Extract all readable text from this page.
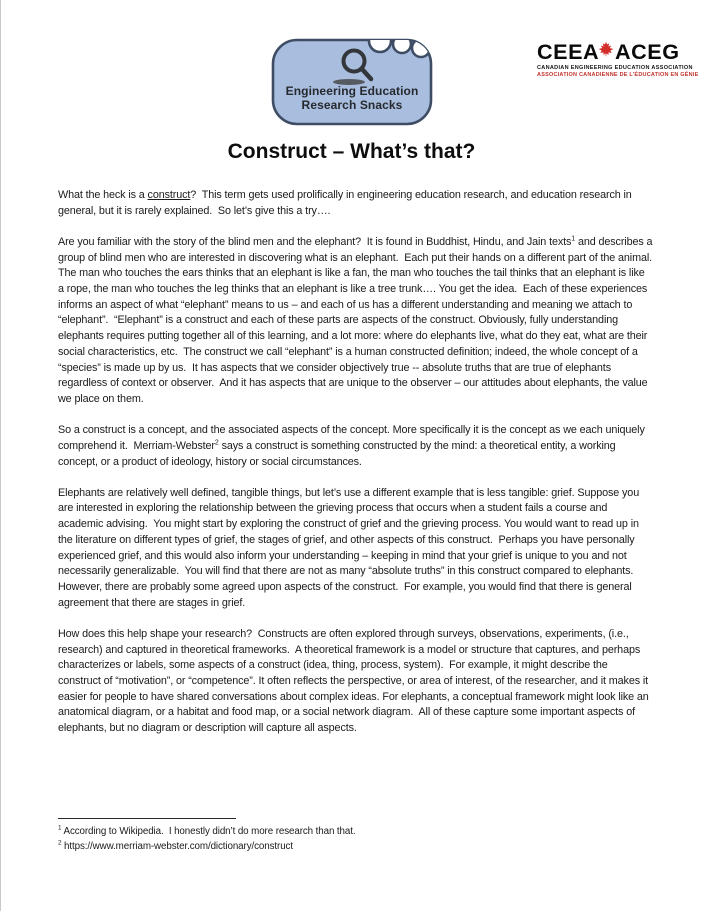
Engineering Education
Research Snacks
CEEA ACEG
CANADIAN ENGINEERING EDUCATION ASSOCIATION
ASSOCIATION CANADIENNE DE L’ÉDUCATION EN GÉNIE
Construct – What’s that?

What the heck is a construct?  This term gets used prolifically in engineering education research, and education research in general, but it is rarely explained.  So let’s give this a try….

Are you familiar with the story of the blind men and the elephant?  It is found in Buddhist, Hindu, and Jain texts$^1$ and describes a group of blind men who are interested in discovering what is an elephant.  Each put their hands on a different part of the animal.  The man who touches the ears thinks that an elephant is like a fan, the man who touches the tail thinks that an elephant is like a rope, the man who touches the leg thinks that an elephant is like a tree trunk…. You get the idea.  Each of these experiences informs an aspect of what “elephant” means to us – and each of us has a different understanding and meaning we attach to “elephant”.  “Elephant” is a construct and each of these parts are aspects of the construct. Obviously, fully understanding elephants requires putting together all of this learning, and a lot more: where do elephants live, what do they eat, what are their social characteristics, etc.  The construct we call “elephant” is a human constructed definition; indeed, the whole concept of a “species” is made up by us.  It has aspects that we consider objectively true -- absolute truths that are true of elephants regardless of context or observer.  And it has aspects that are unique to the observer – our attitudes about elephants, the value we place on them.

So a construct is a concept, and the associated aspects of the concept. More specifically it is the concept as we each uniquely comprehend it.  Merriam-Webster$^2$ says a construct is something constructed by the mind: a theoretical entity, a working concept, or a product of ideology, history or social circumstances.

Elephants are relatively well defined, tangible things, but let’s use a different example that is less tangible: grief. Suppose you are interested in exploring the relationship between the grieving process that occurs when a student fails a course and academic advising.  You might start by exploring the construct of grief and the grieving process. You would want to read up in the literature on different types of grief, the stages of grief, and other aspects of this construct.  Perhaps you have personally experienced grief, and this would also inform your understanding – keeping in mind that your grief is unique to you and not necessarily generalizable.  You will find that there are not as many “absolute truths” in this construct compared to elephants.  However, there are probably some agreed upon aspects of the construct.  For example, you would find that there is general agreement that there are stages in grief.

How does this help shape your research?  Constructs are often explored through surveys, observations, experiments, (i.e., research) and captured in theoretical frameworks.  A theoretical framework is a model or structure that captures, and perhaps characterizes or labels, some aspects of a construct (idea, thing, process, system).  For example, it might describe the construct of “motivation”, or “competence”. It often reflects the perspective, or area of interest, of the researcher, and it makes it easier for people to have shared conversations about complex ideas. For elephants, a conceptual framework might look like an anatomical diagram, or a habitat and food map, or a social network diagram.  All of these capture some important aspects of elephants, but no diagram or description will capture all aspects.

$^1$ According to Wikipedia.  I honestly didn’t do more research than that.
$^2$ https://www.merriam-webster.com/dictionary/construct
